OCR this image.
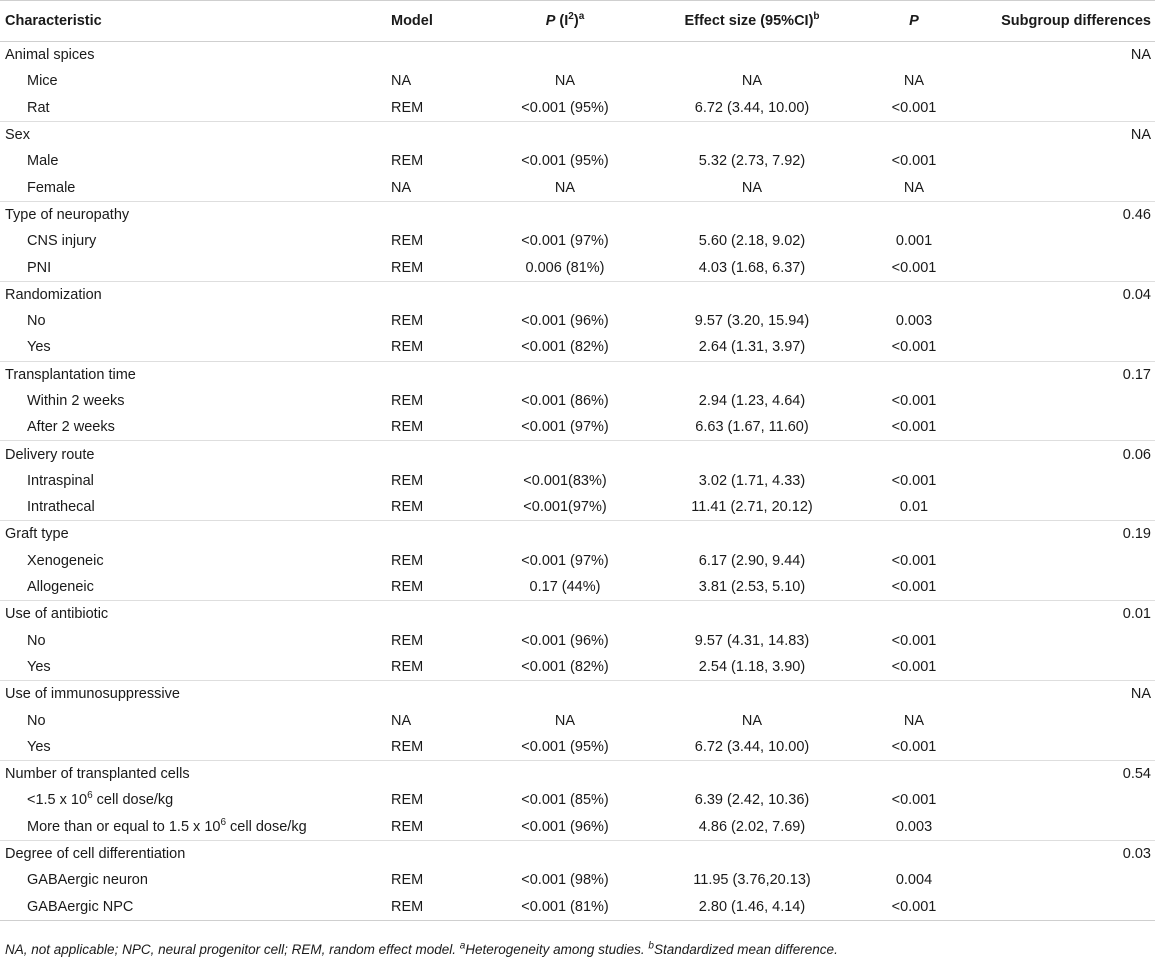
Characteristic	Model	P $(I^2)^a$	Effect size $(95\%CI)^b$	P	Subgroup differences
Animal spices					NA
Mice	NA	NA	NA	NA	
Rat	REM	<0.001 (95%)	6.72 (3.44, 10.00)	<0.001	
Sex					NA
Male	REM	<0.001 (95%)	5.32 (2.73, 7.92)	<0.001	
Female	NA	NA	NA	NA	
Type of neuropathy					0.46
CNS injury	REM	<0.001 (97%)	5.60 (2.18, 9.02)	0.001	
PNI	REM	0.006 (81%)	4.03 (1.68, 6.37)	<0.001	
Randomization					0.04
No	REM	<0.001 (96%)	9.57 (3.20, 15.94)	0.003	
Yes	REM	<0.001 (82%)	2.64 (1.31, 3.97)	<0.001	
Transplantation time					0.17
Within 2 weeks	REM	<0.001 (86%)	2.94 (1.23, 4.64)	<0.001	
After 2 weeks	REM	<0.001 (97%)	6.63 (1.67, 11.60)	<0.001	
Delivery route					0.06
Intraspinal	REM	<0.001(83%)	3.02 (1.71, 4.33)	<0.001	
Intrathecal	REM	<0.001(97%)	11.41 (2.71, 20.12)	0.01	
Graft type					0.19
Xenogeneic	REM	<0.001 (97%)	6.17 (2.90, 9.44)	<0.001	
Allogeneic	REM	0.17 (44%)	3.81 (2.53, 5.10)	<0.001	
Use of antibiotic					0.01
No	REM	<0.001 (96%)	9.57 (4.31, 14.83)	<0.001	
Yes	REM	<0.001 (82%)	2.54 (1.18, 3.90)	<0.001	
Use of immunosuppressive					NA
No	NA	NA	NA	NA	
Yes	REM	<0.001 (95%)	6.72 (3.44, 10.00)	<0.001	
Number of transplanted cells					0.54
<1.5 x $10^6$ cell dose/kg	REM	<0.001 (85%)	6.39 (2.42, 10.36)	<0.001	
More than or equal to 1.5 x $10^6$ cell dose/kg	REM	<0.001 (96%)	4.86 (2.02, 7.69)	0.003	
Degree of cell differentiation					0.03
GABAergic neuron	REM	<0.001 (98%)	11.95 (3.76,20.13)	0.004	
GABAergic NPC	REM	<0.001 (81%)	2.80 (1.46, 4.14)	<0.001	
NA, not applicable; NPC, neural progenitor cell; REM, random effect model. $^a$Heterogeneity among studies. $^b$Standardized mean difference.
